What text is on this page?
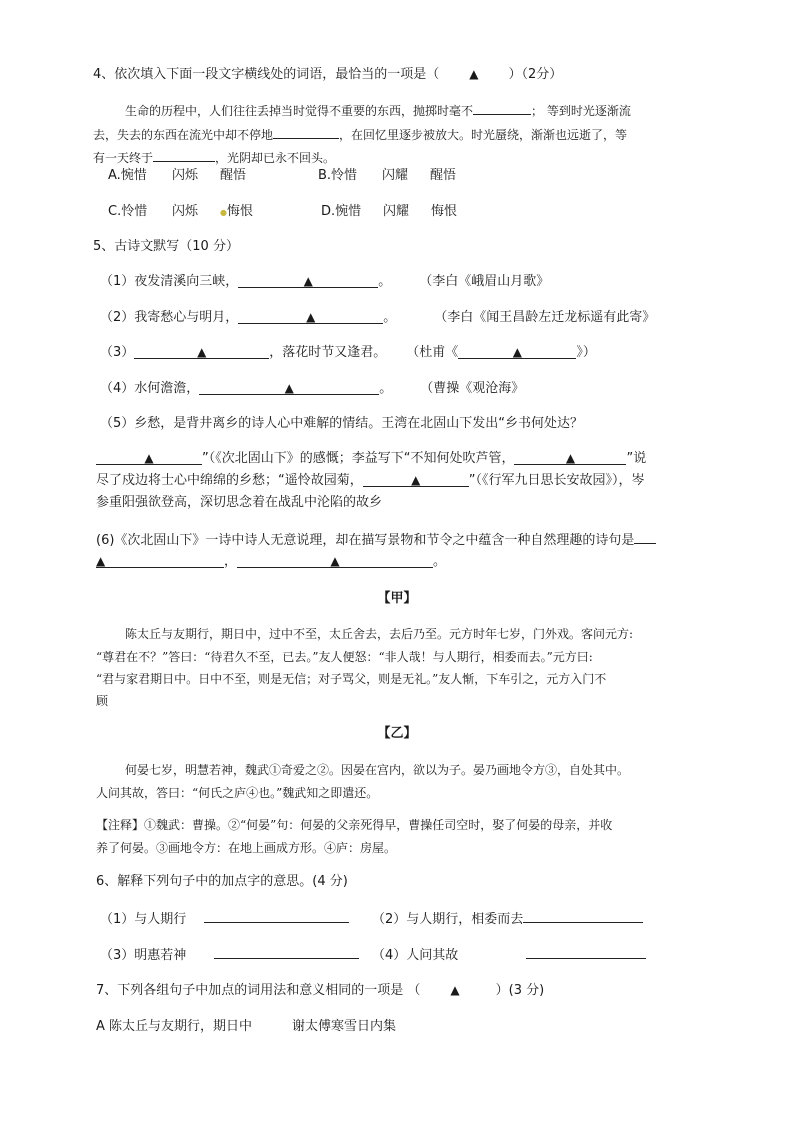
4、依次填入下面一段文字横线处的词语，最恰当的一项是（	▲ ）（2分）
生命的历程中，人们往往丢掉当时觉得不重要的东西，抛掷时毫不	； 等到时光逐渐流
去，失去的东西在流光中却不停地	，在回忆里逐步被放大。时光蜃绕，渐渐也远逝了，等
有一天终于	，光阴却已永不回头。
A.惋惜 闪烁 醒悟	B.怜惜 闪耀 醒悟
C.怜惜 闪烁	●悔恨	D.惋惜 闪耀 悔恨
5、古诗文默写（10 分）
（1）夜发清溪向三峡，	▲	。 （李白《峨眉山月歌》
（2）我寄愁心与明月，	▲	。	（李白《闻王昌龄左迁龙标遥有此寄》
（3）	▲	，落花时节又逢君。 （杜甫《	▲	》）
（4）水何澹澹，	▲	。 （曹操《观沧海》
（5）乡愁，是背井离乡的诗人心中难解的情结。王湾在北固山下发出“乡书何处达？
▲	”（《次北固山下》的感慨；李益写下“不知何处吹芦管，	▲	”说
尽了戍边将士心中绵绵的乡愁；“遥怜故园菊，	▲	”（《行军九日思长安故园》），岑
参重阳强欲登高，深切思念着在战乱中沦陷的故乡
(6)《次北固山下》一诗中诗人无意说理，却在描写景物和节令之中蕴含一种自然理趣的诗句是
▲	，	▲	。
【甲】
陈太丘与友期行，期日中，过中不至，太丘舍去，去后乃至。元方时年七岁，门外戏。客问元方:
“尊君在不？”答曰：“待君久不至，已去。”友人便怒：“非人哉！与人期行，相委而去。”元方曰:
“君与家君期日中。日中不至，则是无信；对子骂父，则是无礼。”友人惭，下车引之，元方入门不
顾
【乙】
何晏七岁，明慧若神，魏武①奇爱之②。因晏在宫内，欲以为子。晏乃画地令方③，自处其中。
人问其故，答曰：“何氏之庐④也。”魏武知之即遣还。
【注释】①魏武：曹操。②“何晏”句：何晏的父亲死得早，曹操任司空时，娶了何晏的母亲，并收
养了何晏。③画地令方：在地上画成方形。④庐：房屋。
6、解释下列句子中的加点字的意思。(4 分)
（1）与人期行	（2）与人期行，相委而去
（3）明惠若神	（4）人问其故
7、下列各组句子中加点的词用法和意义相同的一项是 （	▲	）(3 分)
A 陈太丘与友期行，期日中	谢太傅寒雪日内集
